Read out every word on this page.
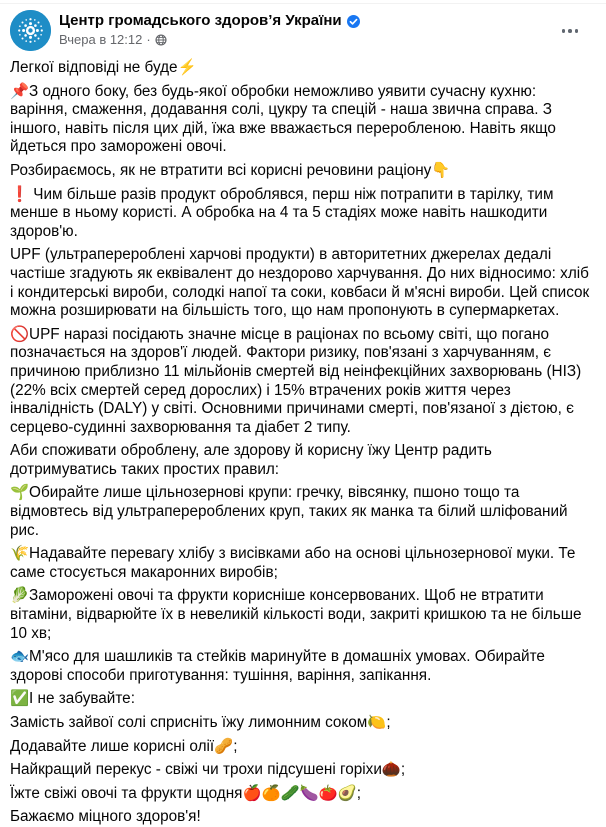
Центр громадського здоров’я України
Вчера в 12:12 ·

Легкої відповіді не буде⚡

📌З одного боку, без будь-якої обробки неможливо уявити сучасну кухню: варіння, смаження, додавання солі, цукру та спецій - наша звична справа. З іншого, навіть після цих дій, їжа вже вважається переробленою. Навіть якщо йдеться про заморожені овочі.

Розбираємось, як не втратити всі корисні речовини раціону👇

❗ Чим більше разів продукт оброблявся, перш ніж потрапити в тарілку, тим менше в ньому користі. А обробка на 4 та 5 стадіях може навіть нашкодити здоров'ю.

UPF (ультраперероблені харчові продукти) в авторитетних джерелах дедалі частіше згадують як еквівалент до нездорово харчування. До них відносимо: хліб і кондитерські вироби, солодкі напої та соки, ковбаси й м'ясні вироби. Цей список можна розширювати на більшість того, що нам пропонують в супермаркетах.

🚫UPF наразі посідають значне місце в раціонах по всьому світі, що погано позначається на здоров'ї людей. Фактори ризику, пов'язані з харчуванням, є причиною приблизно 11 мільйонів смертей від неінфекційних захворювань (НІЗ) (22% всіх смертей серед дорослих) і 15% втрачених років життя через інвалідність (DALY) у світі. Основними причинами смерті, пов'язаної з дієтою, є серцево-судинні захворювання та діабет 2 типу.

Аби споживати оброблену, але здорову й корисну їжу Центр радить дотримуватись таких простих правил:

🌱Обирайте лише цільнозернові крупи: гречку, вівсянку, пшоно тощо та відмовтесь від ультраперероблених круп, таких як манка та білий шліфований рис.

🌾Надавайте перевагу хлібу з висівками або на основі цільнозернової муки. Те саме стосується макаронних виробів;

🥬Заморожені овочі та фрукти корисніше консервованих. Щоб не втратити вітаміни, відварюйте їх в невеликій кількості води, закриті кришкою та не більше 10 хв;

🐟М'ясо для шашликів та стейків маринуйте в домашніх умовах. Обирайте здорові способи приготування: тушіння, варіння, запікання.

✅І не забувайте:

Замість зайвої солі сприсніть їжу лимонним соком🍋;

Додавайте лише корисні олії🥜;

Найкращий перекус - свіжі чи трохи підсушені горіхи🌰;

Їжте свіжі овочі та фрукти щодня🍎🍊🥒🍆🍅🥑;

Бажаємо міцного здоров'я!
